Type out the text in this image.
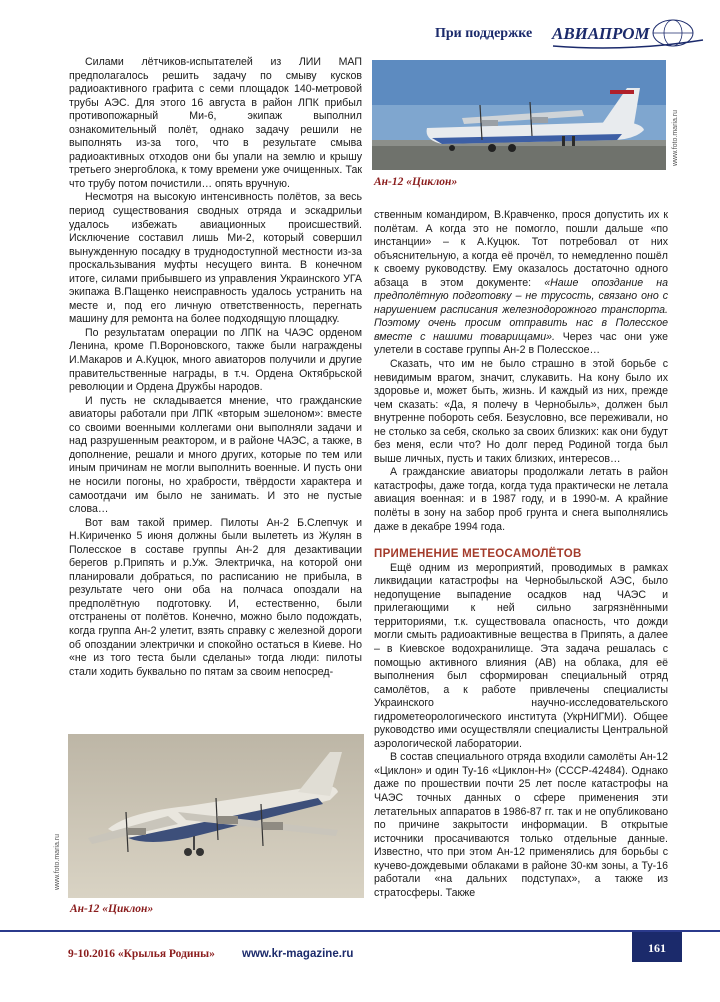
При поддержке АВИАПРОМ
www.foto.maria.ru
Ан-12 «Циклон»

Силами лётчиков-испытателей из ЛИИ МАП предполагалось решить задачу по смыву кусков радиоактивного графита с семи площадок 140-метровой трубы АЭС. Для этого 16 августа в район ЛПК прибыл противопожарный Ми-6, экипаж выполнил ознакомительный полёт, однако задачу решили не выполнять из-за того, что в результате смыва радиоактивных отходов они бы упали на землю и крышу третьего энергоблока, к тому времени уже очищенных. Так что трубу потом почистили… опять вручную.

Несмотря на высокую интенсивность полётов, за весь период существования сводных отряда и эскадрильи удалось избежать авиационных происшествий. Исключение составил лишь Ми-2, который совершил вынужденную посадку в труднодоступной местности из-за проскальзывания муфты несущего винта. В конечном итоге, силами прибывшего из управления Украинского УГА экипажа В.Пащенко неисправность удалось устранить на месте и, под его личную ответственность, перегнать машину для ремонта на более подходящую площадку.

По результатам операции по ЛПК на ЧАЭС орденом Ленина, кроме П.Вороновского, также были награждены И.Макаров и А.Куцюк, много авиаторов получили и другие правительственные награды, в т.ч. Ордена Октябрьской революции и Ордена Дружбы народов.

И пусть не складывается мнение, что гражданские авиаторы работали при ЛПК «вторым эшелоном»: вместе со своими военными коллегами они выполняли задачи и над разрушенным реактором, и в районе ЧАЭС, а также, в дополнение, решали и много других, которые по тем или иным причинам не могли выполнить военные. И пусть они не носили погоны, но храбрости, твёрдости характера и самоотдачи им было не занимать. И это не пустые слова…

Вот вам такой пример. Пилоты Ан-2 Б.Слепчук и Н.Кириченко 5 июня должны были вылететь из Жулян в Полесское в составе группы Ан-2 для дезактивации берегов р.Припять и р.Уж. Электричка, на которой они планировали добраться, по расписанию не прибыла, в результате чего они оба на полчаса опоздали на предполётную подготовку. И, естественно, были отстранены от полётов. Конечно, можно было подождать, когда группа Ан-2 улетит, взять справку с железной дороги об опоздании электрички и спокойно остаться в Киеве. Но «не из того теста были сделаны» тогда люди: пилоты стали ходить буквально по пятам за своим непосред-

www.foto.maria.ru
Ан-12 «Циклон»

ственным командиром, В.Кравченко, прося допустить их к полётам. А когда это не помогло, пошли дальше «по инстанции» – к А.Куцюк. Тот потребовал от них объяснительную, а когда её прочёл, то немедленно пошёл к своему руководству. Ему оказалось достаточно одного абзаца в этом документе: «Наше опоздание на предполётную подготовку – не трусость, связано оно с нарушением расписания железнодорожного транспорта. Поэтому очень просим отправить нас в Полесское вместе с нашими товарищами». Через час они уже улетели в составе группы Ан-2 в Полесское…

Сказать, что им не было страшно в этой борьбе с невидимым врагом, значит, слукавить. На кону было их здоровье и, может быть, жизнь. И каждый из них, прежде чем сказать: «Да, я полечу в Чернобыль», должен был внутренне побороть себя. Безусловно, все переживали, но не столько за себя, сколько за своих близких: как они будут без меня, если что? Но долг перед Родиной тогда был выше личных, пусть и таких близких, интересов…

А гражданские авиаторы продолжали летать в район катастрофы, даже тогда, когда туда практически не летала авиация военная: и в 1987 году, и в 1990-м. А крайние полёты в зону на забор проб грунта и снега выполнялись даже в декабре 1994 года.

ПРИМЕНЕНИЕ МЕТЕОСАМОЛЁТОВ

Ещё одним из мероприятий, проводимых в рамках ликвидации катастрофы на Чернобыльской АЭС, было недопущение выпадение осадков над ЧАЭС и прилегающими к ней сильно загрязнёнными территориями, т.к. существовала опасность, что дожди могли смыть радиоактивные вещества в Припять, а далее – в Киевское водохранилище. Эта задача решалась с помощью активного влияния (АВ) на облака, для её выполнения был сформирован специальный отряд самолётов, а к работе привлечены специалисты Украинского научно-исследовательского гидрометеорологического института (УкрНИГМИ). Общее руководство ими осуществляли специалисты Центральной аэрологической лаборатории.

В состав специального отряда входили самолёты Ан-12 «Циклон» и один Ту-16 «Циклон-Н» (СССР-42484). Однако даже по прошествии почти 25 лет после катастрофы на ЧАЭС точных данных о сфере применения эти летательных аппаратов в 1986-87 гг. так и не опубликовано по причине закрытости информации. В открытые источники просачиваются только отдельные данные. Известно, что при этом Ан-12 применялись для борьбы с кучево-дождевыми облаками в районе 30-км зоны, а Ту-16 работали «на дальних подступах», а также из стратосферы. Также

9-10.2016 «Крылья Родины» www.kr-magazine.ru	161
